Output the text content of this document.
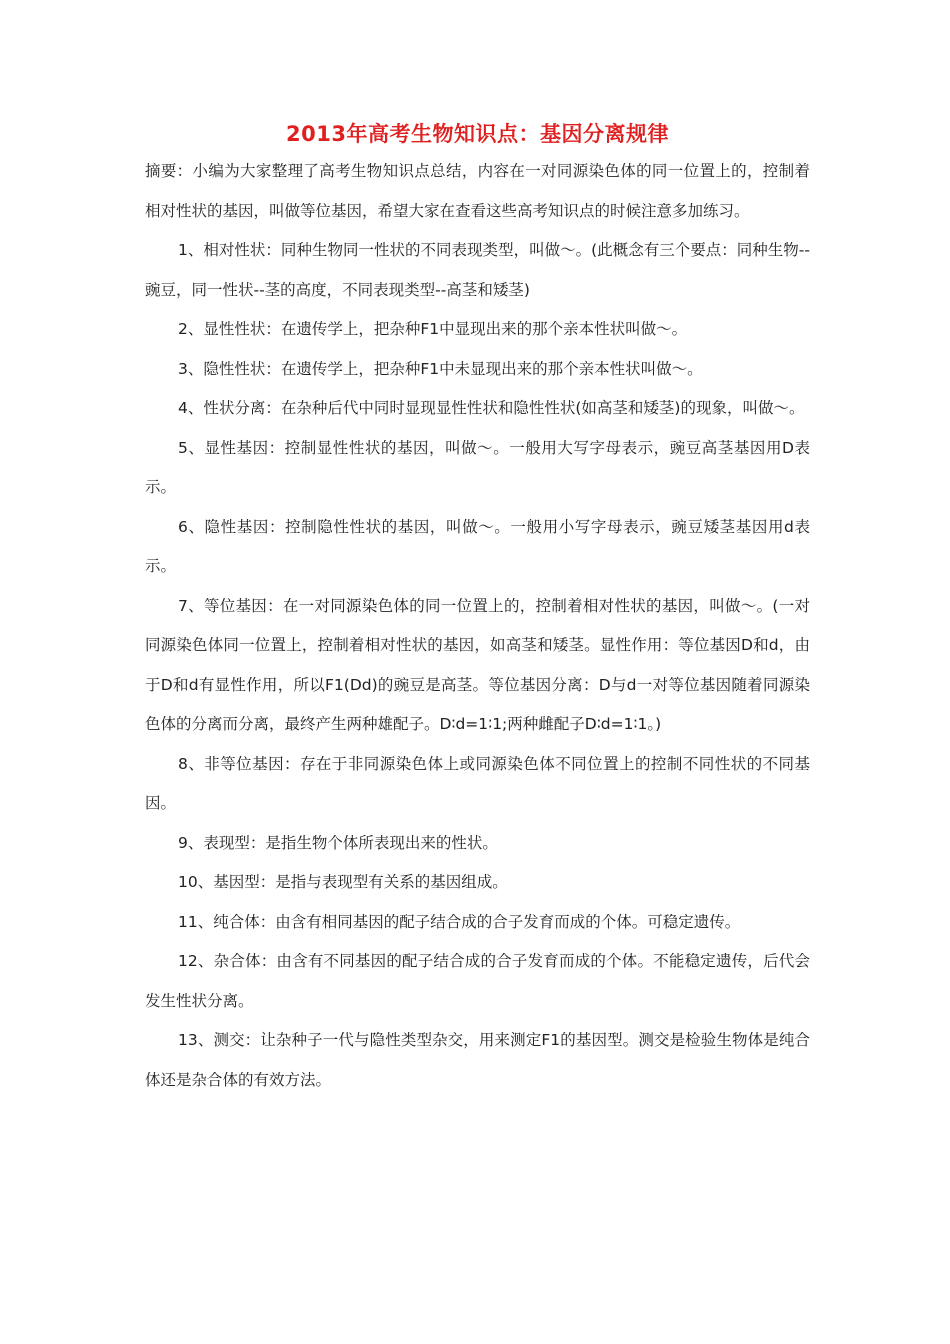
2013年高考生物知识点：基因分离规律

摘要：小编为大家整理了高考生物知识点总结，内容在一对同源染色体的同一位置上的，控制着相对性状的基因，叫做等位基因，希望大家在查看这些高考知识点的时候注意多加练习。

1、相对性状：同种生物同一性状的不同表现类型，叫做～。(此概念有三个要点：同种生物--豌豆，同一性状--茎的高度，不同表现类型--高茎和矮茎)

2、显性性状：在遗传学上，把杂种F1中显现出来的那个亲本性状叫做～。

3、隐性性状：在遗传学上，把杂种F1中未显现出来的那个亲本性状叫做～。

4、性状分离：在杂种后代中同时显现显性性状和隐性性状(如高茎和矮茎)的现象，叫做～。

5、显性基因：控制显性性状的基因，叫做～。一般用大写字母表示，豌豆高茎基因用D表示。

6、隐性基因：控制隐性性状的基因，叫做～。一般用小写字母表示，豌豆矮茎基因用d表示。

7、等位基因：在一对同源染色体的同一位置上的，控制着相对性状的基因，叫做～。(一对同源染色体同一位置上，控制着相对性状的基因，如高茎和矮茎。显性作用：等位基因D和d，由于D和d有显性作用，所以F1(Dd)的豌豆是高茎。等位基因分离：D与d一对等位基因随着同源染色体的分离而分离，最终产生两种雄配子。D∶d=1∶1;两种雌配子D∶d=1∶1。)

8、非等位基因：存在于非同源染色体上或同源染色体不同位置上的控制不同性状的不同基因。

9、表现型：是指生物个体所表现出来的性状。

10、基因型：是指与表现型有关系的基因组成。

11、纯合体：由含有相同基因的配子结合成的合子发育而成的个体。可稳定遗传。

12、杂合体：由含有不同基因的配子结合成的合子发育而成的个体。不能稳定遗传，后代会发生性状分离。

13、测交：让杂种子一代与隐性类型杂交，用来测定F1的基因型。测交是检验生物体是纯合体还是杂合体的有效方法。
